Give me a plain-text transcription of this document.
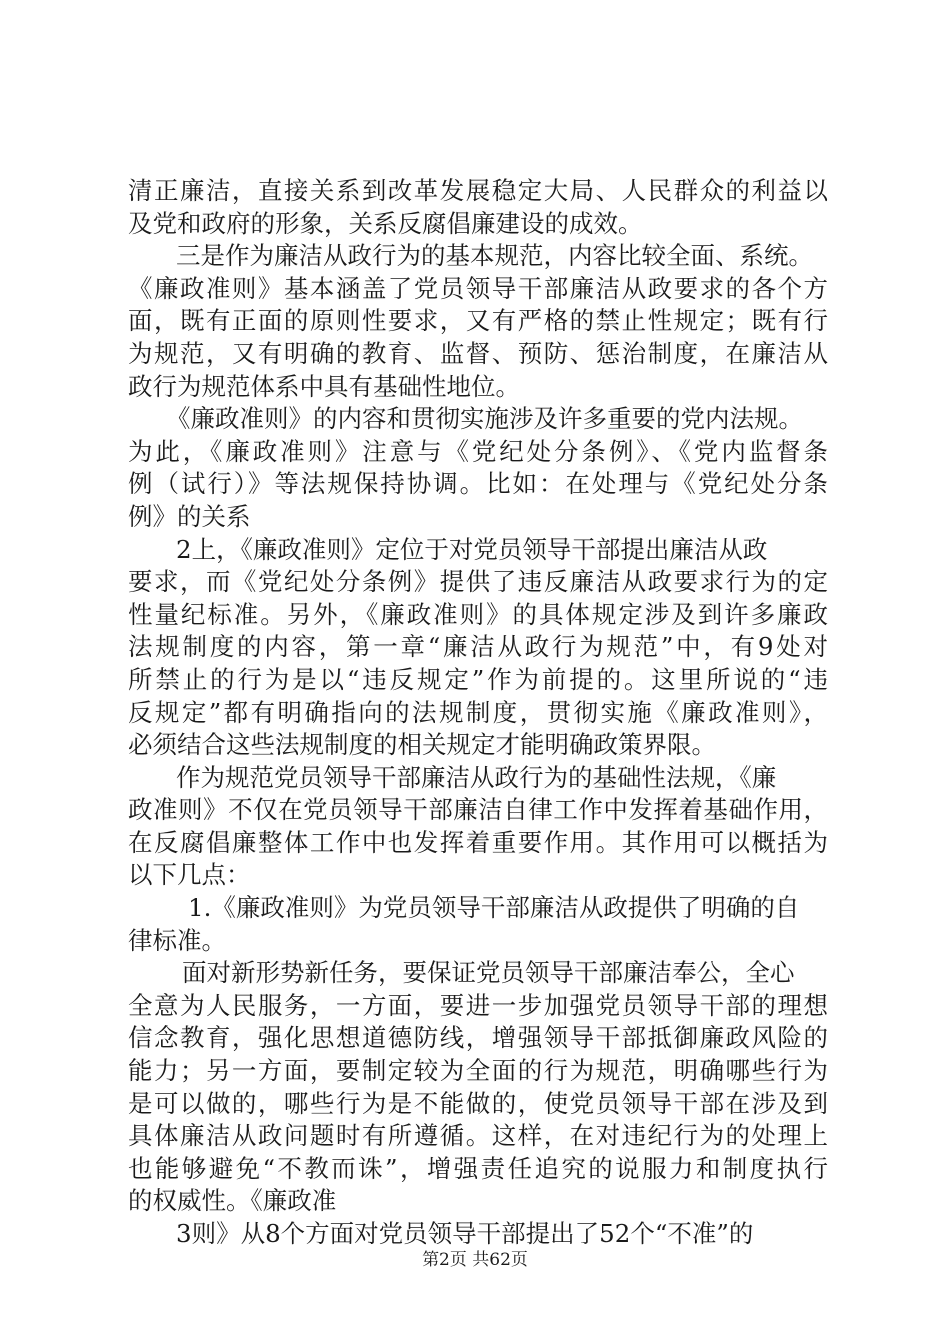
清正廉洁，直接关系到改革发展稳定大局、人民群众的利益以
及党和政府的形象，关系反腐倡廉建设的成效。
三是作为廉洁从政行为的基本规范，内容比较全面、系统。
《廉政准则》基本涵盖了党员领导干部廉洁从政要求的各个方
面，既有正面的原则性要求，又有严格的禁止性规定；既有行
为规范，又有明确的教育、监督、预防、惩治制度，在廉洁从
政行为规范体系中具有基础性地位。
《廉政准则》的内容和贯彻实施涉及许多重要的党内法规。
为此，《廉政准则》注意与《党纪处分条例》、《党内监督条
例（试行）》等法规保持协调。比如：在处理与《党纪处分条
例》的关系
2上，《廉政准则》定位于对党员领导干部提出廉洁从政
要求，而《党纪处分条例》提供了违反廉洁从政要求行为的定
性量纪标准。另外，《廉政准则》的具体规定涉及到许多廉政
法规制度的内容，第一章“廉洁从政行为规范”中，有9处对
所禁止的行为是以“违反规定”作为前提的。这里所说的“违
反规定”都有明确指向的法规制度，贯彻实施《廉政准则》，
必须结合这些法规制度的相关规定才能明确政策界限。
作为规范党员领导干部廉洁从政行为的基础性法规，《廉
政准则》不仅在党员领导干部廉洁自律工作中发挥着基础作用，
在反腐倡廉整体工作中也发挥着重要作用。其作用可以概括为
以下几点：
1.《廉政准则》为党员领导干部廉洁从政提供了明确的自
律标准。
面对新形势新任务，要保证党员领导干部廉洁奉公，全心
全意为人民服务，一方面，要进一步加强党员领导干部的理想
信念教育，强化思想道德防线，增强领导干部抵御廉政风险的
能力；另一方面，要制定较为全面的行为规范，明确哪些行为
是可以做的，哪些行为是不能做的，使党员领导干部在涉及到
具体廉洁从政问题时有所遵循。这样，在对违纪行为的处理上
也能够避免“不教而诛”，增强责任追究的说服力和制度执行
的权威性。《廉政准
3则》从8个方面对党员领导干部提出了52个“不准”的
第2页 共62页
